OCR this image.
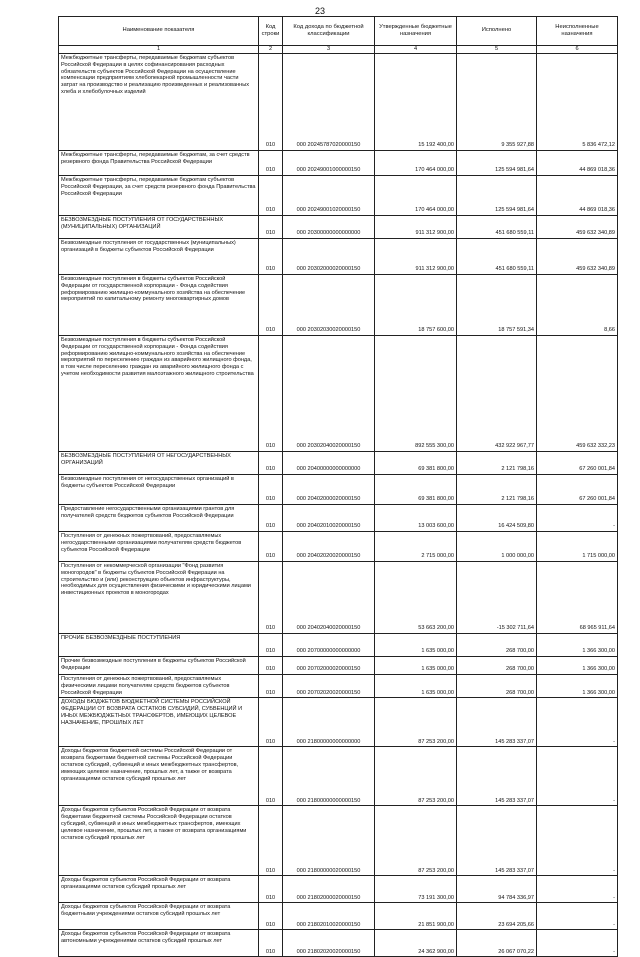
23
Наименование показателя	Код строки	Код дохода по бюджетной классификации	Утвержденные бюджетные назначения	Исполнено	Неисполненные назначения
1	2	3	4	5	6
Межбюджетные трансферты, передаваемые бюджетам субъектов Российской Федерации в целях софинансирования расходных обязательств субъектов Российской Федерации на осуществление компенсации предприятиям хлебопекарной промышленности части затрат на производство и реализацию произведенных и реализованных хлеба и хлебобулочных изделий	010	000 20245787020000150	15 192 400,00	9 355 927,88	5 836 472,12
Межбюджетные трансферты, передаваемые бюджетам, за счет средств резервного фонда Правительства Российской Федерации	010	000 20249001000000150	170 464 000,00	125 594 981,64	44 869 018,36
Межбюджетные трансферты, передаваемые бюджетам субъектов Российской Федерации, за счет средств резервного фонда Правительства Российской Федерации	010	000 20249001020000150	170 464 000,00	125 594 981,64	44 869 018,36
БЕЗВОЗМЕЗДНЫЕ ПОСТУПЛЕНИЯ ОТ ГОСУДАРСТВЕННЫХ (МУНИЦИПАЛЬНЫХ) ОРГАНИЗАЦИЙ	010	000 20300000000000000	911 312 900,00	451 680 559,11	459 632 340,89
Безвозмездные поступления от государственных (муниципальных) организаций в бюджеты субъектов Российской Федерации	010	000 20302000020000150	911 312 900,00	451 680 559,11	459 632 340,89
Безвозмездные поступления в бюджеты субъектов Российской Федерации от государственной корпорации - Фонда содействия реформированию жилищно-коммунального хозяйства на обеспечение мероприятий по капитальному ремонту многоквартирных домов	010	000 20302030020000150	18 757 600,00	18 757 591,34	8,66
Безвозмездные поступления в бюджеты субъектов Российской Федерации от государственной корпорации - Фонда содействия реформированию жилищно-коммунального хозяйства на обеспечение мероприятий по переселению граждан из аварийного жилищного фонда, в том числе переселению граждан из аварийного жилищного фонда с учетом необходимости развития малоэтажного жилищного строительства	010	000 20302040020000150	892 555 300,00	432 922 967,77	459 632 332,23
БЕЗВОЗМЕЗДНЫЕ ПОСТУПЛЕНИЯ ОТ НЕГОСУДАРСТВЕННЫХ ОРГАНИЗАЦИЙ	010	000 20400000000000000	69 381 800,00	2 121 798,16	67 260 001,84
Безвозмездные поступления от негосударственных организаций в бюджеты субъектов Российской Федерации	010	000 20402000020000150	69 381 800,00	2 121 798,16	67 260 001,84
Предоставление негосударственными организациями грантов для получателей средств бюджетов субъектов Российской Федерации	010	000 20402010020000150	13 003 600,00	16 424 509,80	-
Поступления от денежных пожертвований, предоставляемых негосударственными организациями получателям средств бюджетов субъектов Российской Федерации	010	000 20402020020000150	2 715 000,00	1 000 000,00	1 715 000,00
Поступления от некоммерческой организации "Фонд развития моногородов" в бюджеты субъектов Российской Федерации на строительство и (или) реконструкцию объектов инфраструктуры, необходимых для осуществления физическими и юридическими лицами инвестиционных проектов в моногородах	010	000 20402040020000150	53 663 200,00	-15 302 711,64	68 965 911,64
ПРОЧИЕ БЕЗВОЗМЕЗДНЫЕ ПОСТУПЛЕНИЯ	010	000 20700000000000000	1 635 000,00	268 700,00	1 366 300,00
Прочие безвозмездные поступления в бюджеты субъектов Российской Федерации	010	000 20702000020000150	1 635 000,00	268 700,00	1 366 300,00
Поступления от денежных пожертвований, предоставляемых физическими лицами получателям средств бюджетов субъектов Российской Федерации	010	000 20702020020000150	1 635 000,00	268 700,00	1 366 300,00
ДОХОДЫ БЮДЖЕТОВ БЮДЖЕТНОЙ СИСТЕМЫ РОССИЙСКОЙ ФЕДЕРАЦИИ ОТ ВОЗВРАТА ОСТАТКОВ СУБСИДИЙ, СУБВЕНЦИЙ И ИНЫХ МЕЖБЮДЖЕТНЫХ ТРАНСФЕРТОВ, ИМЕЮЩИХ ЦЕЛЕВОЕ НАЗНАЧЕНИЕ, ПРОШЛЫХ ЛЕТ	010	000 21800000000000000	87 253 200,00	145 283 337,07	-
Доходы бюджетов бюджетной системы Российской Федерации от возврата бюджетами бюджетной системы Российской Федерации остатков субсидий, субвенций и иных межбюджетных трансфертов, имеющих целевое назначение, прошлых лет, а также от возврата организациями остатков субсидий прошлых лет	010	000 21800000000000150	87 253 200,00	145 283 337,07	-
Доходы бюджетов субъектов Российской Федерации от возврата бюджетами бюджетной системы Российской Федерации остатков субсидий, субвенций и иных межбюджетных трансфертов, имеющих целевое назначение, прошлых лет, а также от возврата организациями остатков субсидий прошлых лет	010	000 21800000020000150	87 253 200,00	145 283 337,07	-
Доходы бюджетов субъектов Российской Федерации от возврата организациями остатков субсидий прошлых лет	010	000 21802000020000150	73 191 300,00	94 784 336,97	-
Доходы бюджетов субъектов Российской Федерации от возврата бюджетными учреждениями остатков субсидий прошлых лет	010	000 21802010020000150	21 851 900,00	23 694 205,66	-
Доходы бюджетов субъектов Российской Федерации от возврата автономными учреждениями остатков субсидий прошлых лет	010	000 21802020020000150	24 362 900,00	26 067 070,22	-
